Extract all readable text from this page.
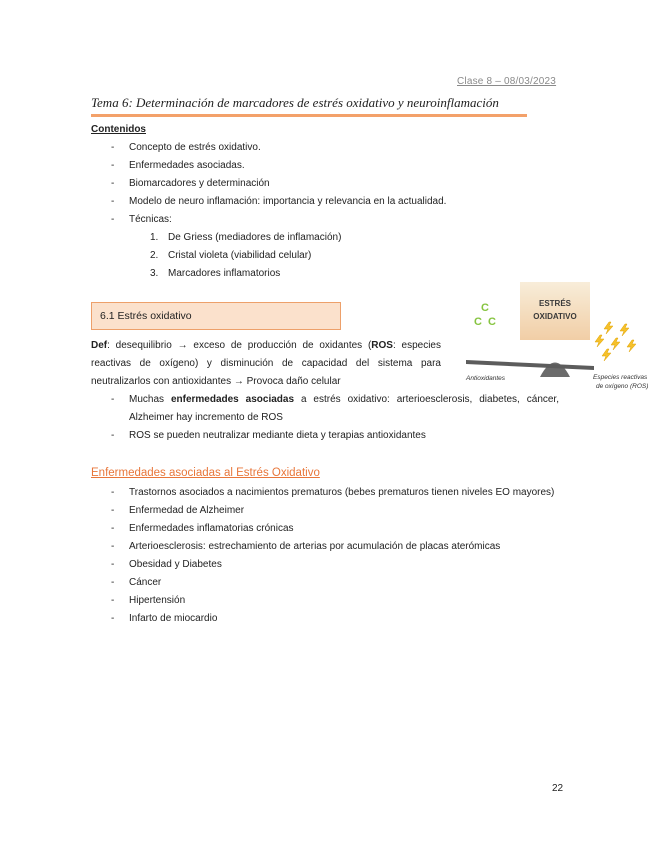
Clase 8 – 08/03/2023
Tema 6: Determinación de marcadores de estrés oxidativo y neuroinflamación
Contenidos
- Concepto de estrés oxidativo.
- Enfermedades asociadas.
- Biomarcadores y determinación
- Modelo de neuro inflamación: importancia y relevancia en la actualidad.
- Técnicas:
1. De Griess (mediadores de inflamación)
2. Cristal violeta (viabilidad celular)
3. Marcadores inflamatorios
6.1 Estrés oxidativo
Def: desequilibrio → exceso de producción de oxidantes (ROS: especies reactivas de oxígeno) y disminución de capacidad del sistema para neutralizarlos con antioxidantes → Provoca daño celular
- Muchas enfermedades asociadas a estrés oxidativo: arterioesclerosis, diabetes, cáncer, Alzheimer hay incremento de ROS
- ROS se pueden neutralizar mediante dieta y terapias antioxidantes
ESTRÉS
OXIDATIVO
C
C C
Antioxidantes	Especies reactivas
de oxígeno (ROS)
Enfermedades asociadas al Estrés Oxidativo
- Trastornos asociados a nacimientos prematuros (bebes prematuros tienen niveles EO mayores)
- Enfermedad de Alzheimer
- Enfermedades inflamatorias crónicas
- Arterioesclerosis: estrechamiento de arterias por acumulación de placas aterómicas
- Obesidad y Diabetes
- Cáncer
- Hipertensión
- Infarto de miocardio
22
